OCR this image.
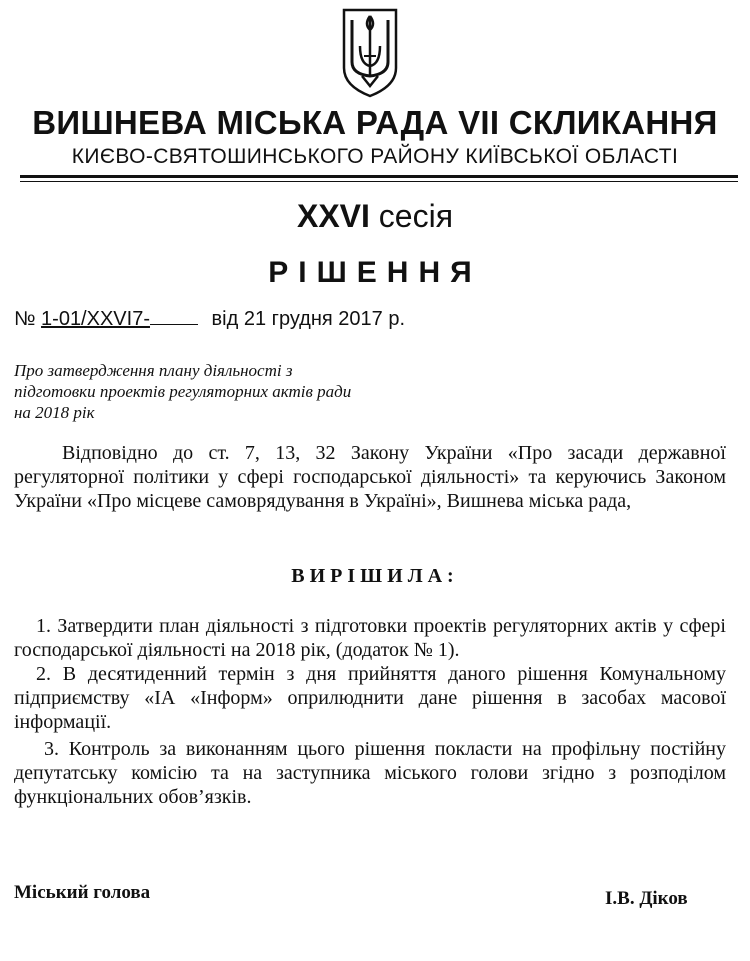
ВИШНЕВА МІСЬКА РАДА VII СКЛИКАННЯ
КИЄВО-СВЯТОШИНСЬКОГО РАЙОНУ КИЇВСЬКОЇ ОБЛАСТІ
XXVI сесія
РІШЕННЯ
№ 1-01/XXVI7-	від 21 грудня 2017 р.
Про затвердження плану діяльності з підготовки проектів регуляторних актів ради на 2018 рік
Відповідно до ст. 7, 13, 32 Закону України «Про засади державної регуляторної політики у сфері господарської діяльності» та керуючись Законом України «Про місцеве самоврядування в Україні», Вишнева міська рада,
ВИРІШИЛА:
1. Затвердити план діяльності з підготовки проектів регуляторних актів у сфері господарської діяльності на 2018 рік, (додаток № 1).
2. В десятиденний термін з дня прийняття даного рішення Комунальному підприємству «ІА «Інформ» оприлюднити дане рішення в засобах масової інформації.
3. Контроль за виконанням цього рішення покласти на профільну постійну депутатську комісію та на заступника міського голови згідно з розподілом функціональних обов’язків.
Міський голова	І.В. Діков
